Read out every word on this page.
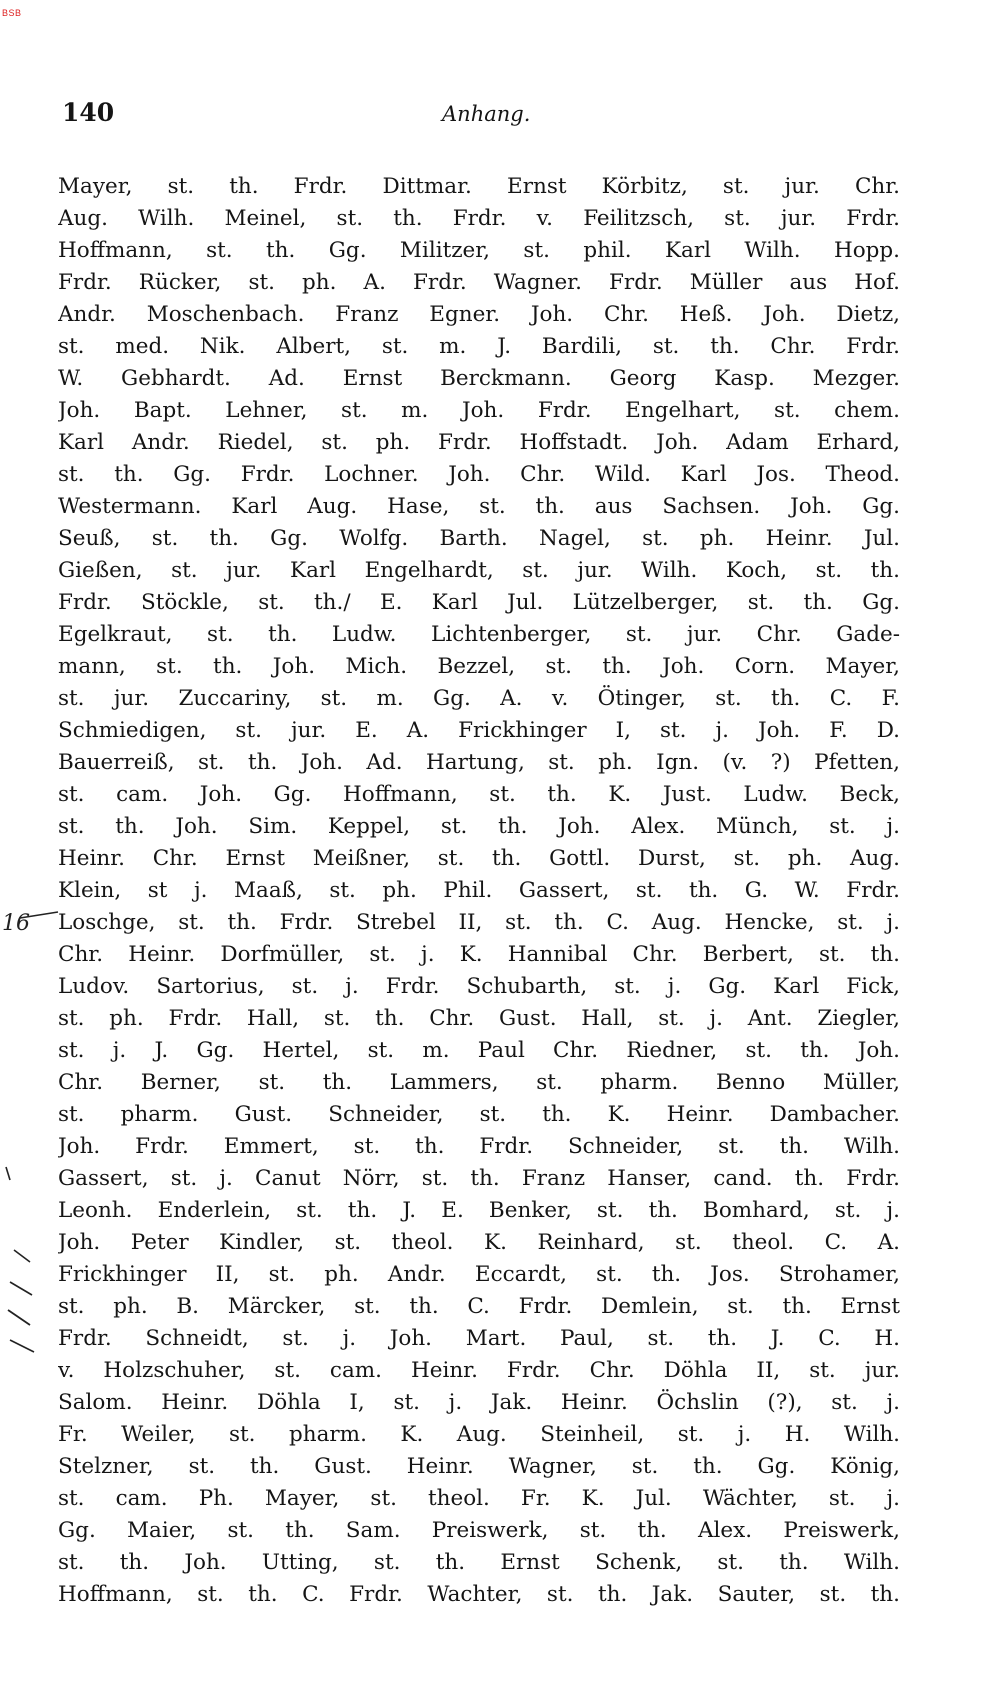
BSB
140	Anhang.
Mayer, st. th. Frdr. Dittmar. Ernst Körbitz, st. jur. Chr.
Aug. Wilh. Meinel, st. th. Frdr. v. Feilitzsch, st. jur. Frdr.
Hoffmann, st. th. Gg. Militzer, st. phil. Karl Wilh. Hopp.
Frdr. Rücker, st. ph. A. Frdr. Wagner. Frdr. Müller aus Hof.
Andr. Moschenbach. Franz Egner. Joh. Chr. Heß. Joh. Dietz,
st. med. Nik. Albert, st. m. J. Bardili, st. th. Chr. Frdr.
W. Gebhardt. Ad. Ernst Berckmann. Georg Kasp. Mezger.
Joh. Bapt. Lehner, st. m. Joh. Frdr. Engelhart, st. chem.
Karl Andr. Riedel, st. ph. Frdr. Hoffstadt. Joh. Adam Erhard,
st. th. Gg. Frdr. Lochner. Joh. Chr. Wild. Karl Jos. Theod.
Westermann. Karl Aug. Hase, st. th. aus Sachsen. Joh. Gg.
Seuß, st. th. Gg. Wolfg. Barth. Nagel, st. ph. Heinr. Jul.
Gießen, st. jur. Karl Engelhardt, st. jur. Wilh. Koch, st. th.
Frdr. Stöckle, st. th./ E. Karl Jul. Lützelberger, st. th. Gg.
Egelkraut, st. th. Ludw. Lichtenberger, st. jur. Chr. Gade-
mann, st. th. Joh. Mich. Bezzel, st. th. Joh. Corn. Mayer,
st. jur. Zuccariny, st. m. Gg. A. v. Ötinger, st. th. C. F.
Schmiedigen, st. jur. E. A. Frickhinger I, st. j. Joh. F. D.
Bauerreiß, st. th. Joh. Ad. Hartung, st. ph. Ign. (v. ?) Pfetten,
st. cam. Joh. Gg. Hoffmann, st. th. K. Just. Ludw. Beck,
st. th. Joh. Sim. Keppel, st. th. Joh. Alex. Münch, st. j.
Heinr. Chr. Ernst Meißner, st. th. Gottl. Durst, st. ph. Aug.
Klein, st j. Maaß, st. ph. Phil. Gassert, st. th. G. W. Frdr.
Loschge, st. th. Frdr. Strebel II, st. th. C. Aug. Hencke, st. j.
Chr. Heinr. Dorfmüller, st. j. K. Hannibal Chr. Berbert, st. th.
Ludov. Sartorius, st. j. Frdr. Schubarth, st. j. Gg. Karl Fick,
st. ph. Frdr. Hall, st. th. Chr. Gust. Hall, st. j. Ant. Ziegler,
st. j. J. Gg. Hertel, st. m. Paul Chr. Riedner, st. th. Joh.
Chr. Berner, st. th. Lammers, st. pharm. Benno Müller,
st. pharm. Gust. Schneider, st. th. K. Heinr. Dambacher.
Joh. Frdr. Emmert, st. th. Frdr. Schneider, st. th. Wilh.
Gassert, st. j. Canut Nörr, st. th. Franz Hanser, cand. th. Frdr.
Leonh. Enderlein, st. th. J. E. Benker, st. th. Bomhard, st. j.
Joh. Peter Kindler, st. theol. K. Reinhard, st. theol. C. A.
Frickhinger II, st. ph. Andr. Eccardt, st. th. Jos. Strohamer,
st. ph. B. Märcker, st. th. C. Frdr. Demlein, st. th. Ernst
Frdr. Schneidt, st. j. Joh. Mart. Paul, st. th. J. C. H.
v. Holzschuher, st. cam. Heinr. Frdr. Chr. Döhla II, st. jur.
Salom. Heinr. Döhla I, st. j. Jak. Heinr. Öchslin (?), st. j.
Fr. Weiler, st. pharm. K. Aug. Steinheil, st. j. H. Wilh.
Stelzner, st. th. Gust. Heinr. Wagner, st. th. Gg. König,
st. cam. Ph. Mayer, st. theol. Fr. K. Jul. Wächter, st. j.
Gg. Maier, st. th. Sam. Preiswerk, st. th. Alex. Preiswerk,
st. th. Joh. Utting, st. th. Ernst Schenk, st. th. Wilh.
Hoffmann, st. th. C. Frdr. Wachter, st. th. Jak. Sauter, st. th.
16
